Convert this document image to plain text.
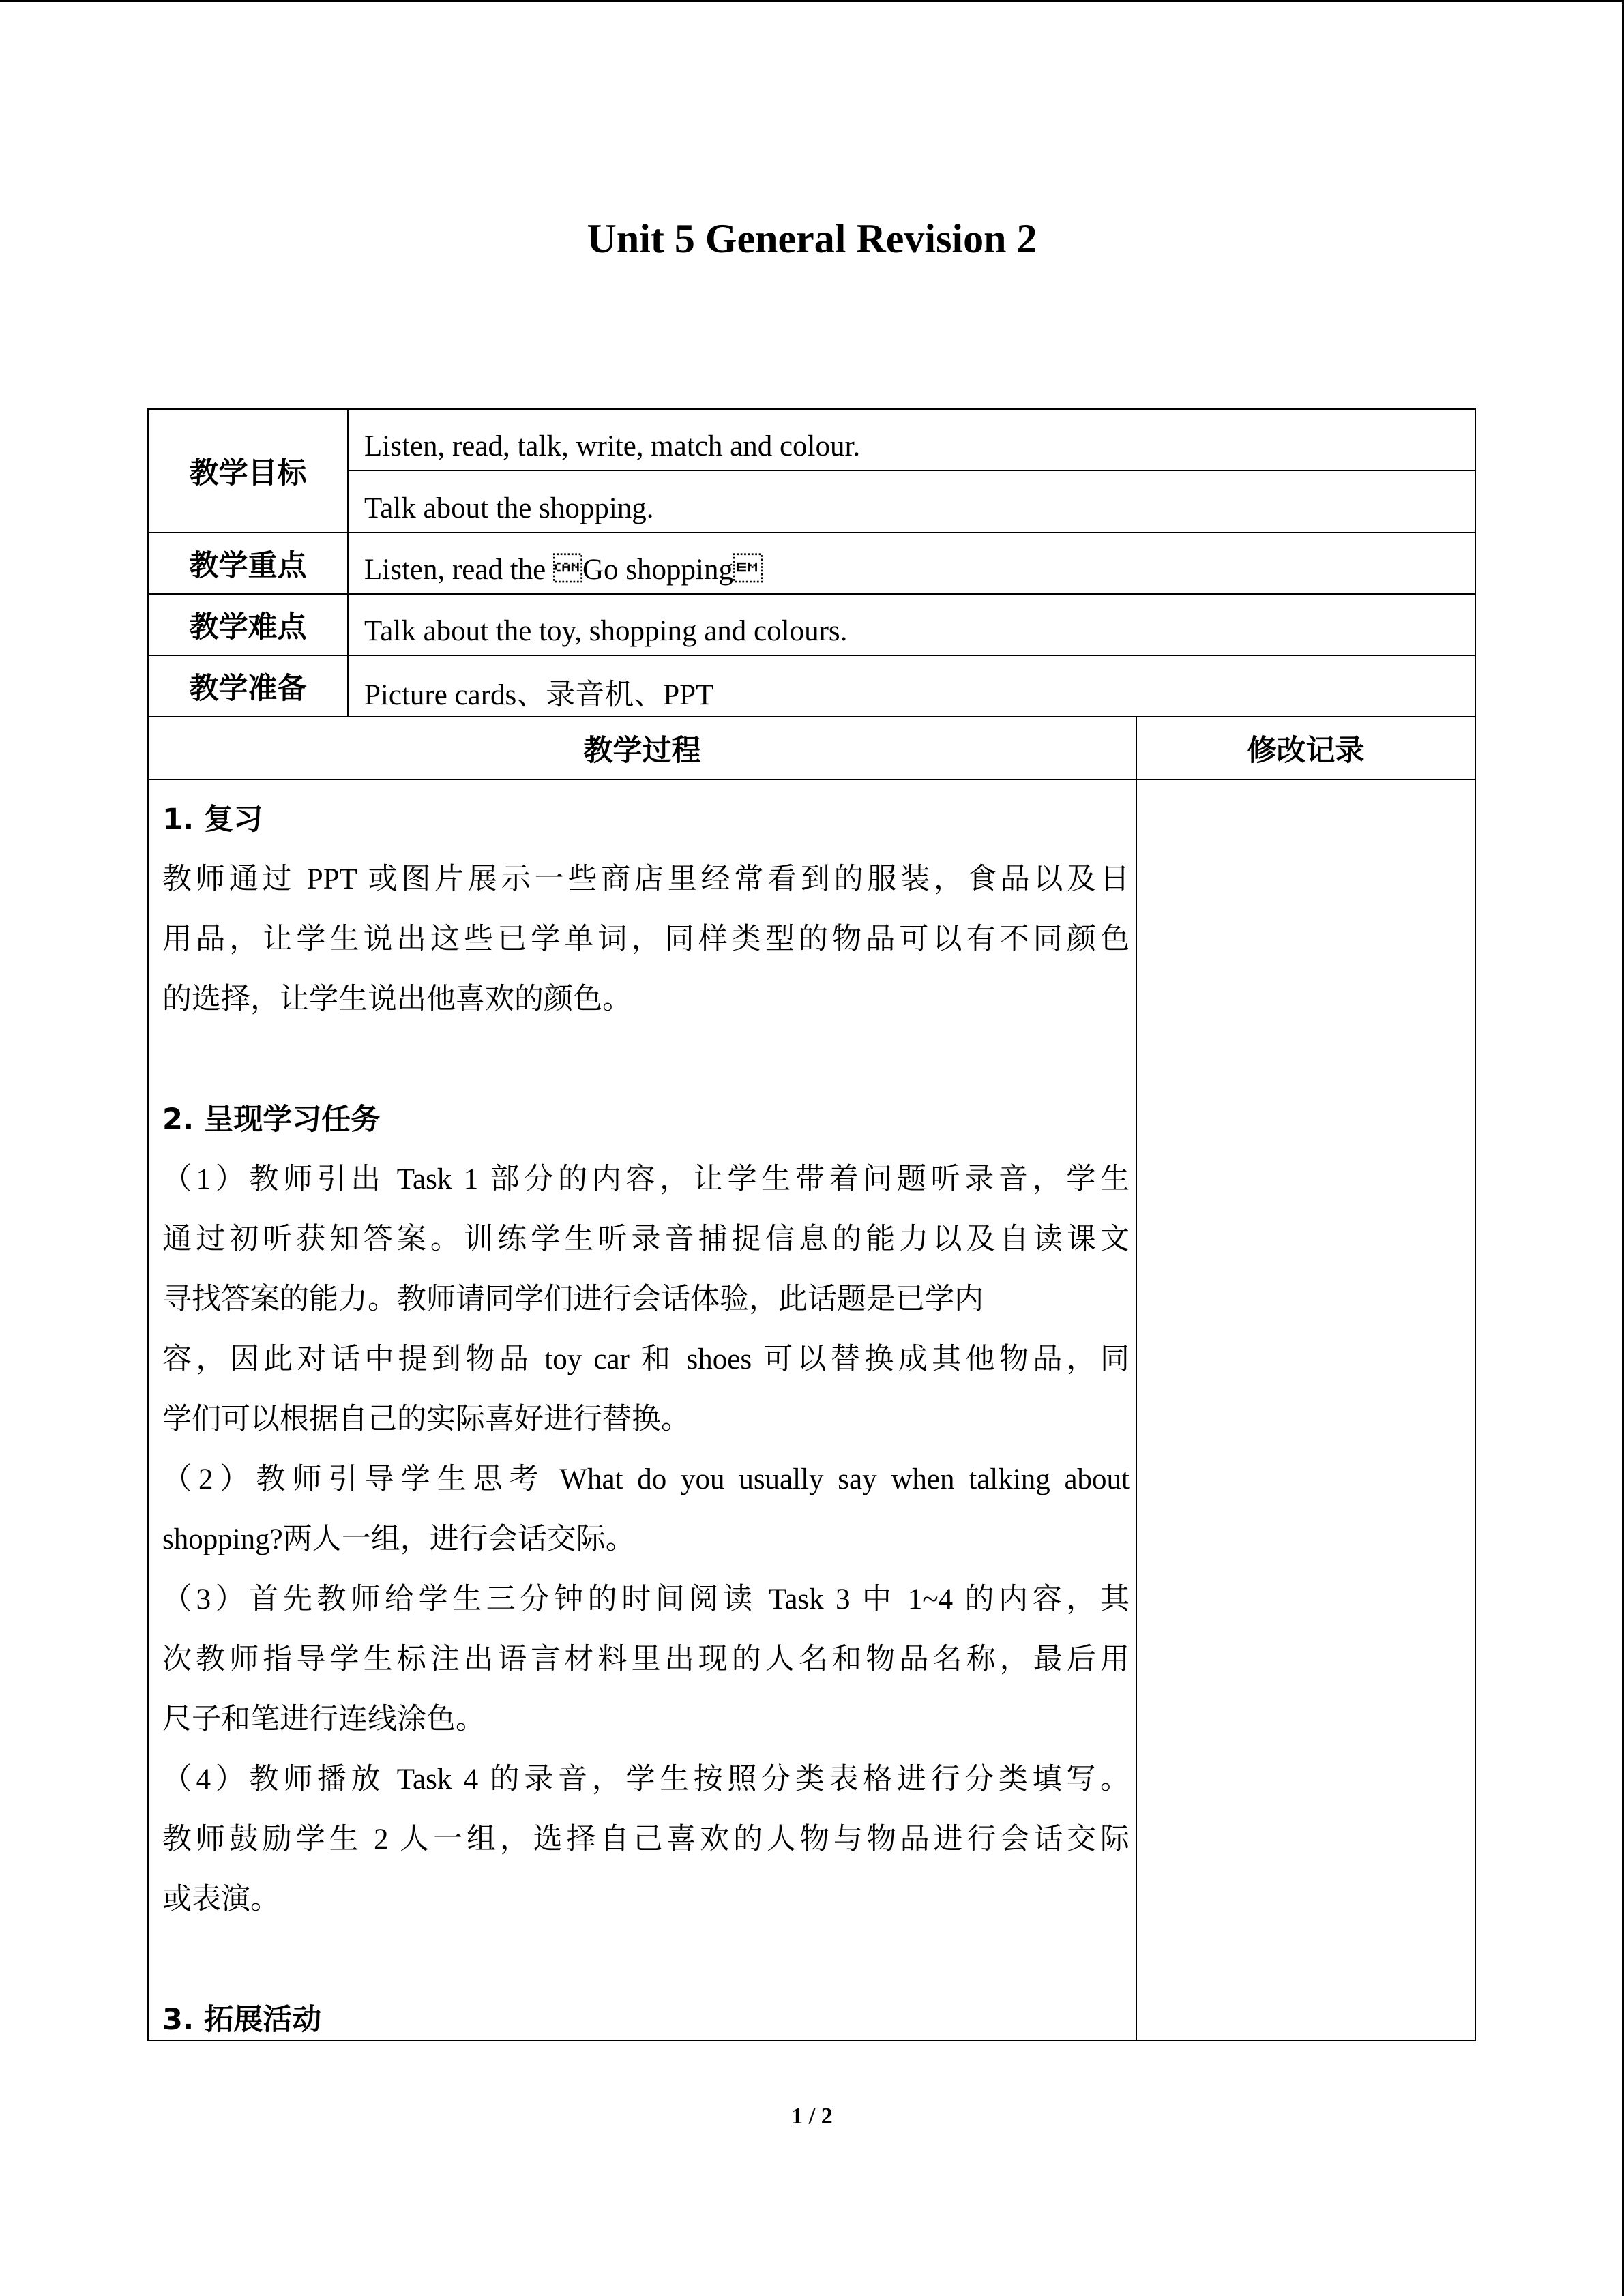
Unit 5 General Revision 2
教学目标
教学重点
教学难点
教学准备
Listen, read, talk, write, match and colour.
Talk about the shopping.
Listen, read the Go shopping
Talk about the toy, shopping and colours.
Picture cards、录音机、PPT
教学过程	修改记录
1. 复习
教师通过 PPT 或图片展示一些商店里经常看到的服装，食品以及日
用品，让学生说出这些已学单词，同样类型的物品可以有不同颜色
的选择，让学生说出他喜欢的颜色。
2. 呈现学习任务
（1）教师引出 Task 1 部分的内容，让学生带着问题听录音，学生
通过初听获知答案。训练学生听录音捕捉信息的能力以及自读课文
寻找答案的能力。教师请同学们进行会话体验，此话题是已学内
容，因此对话中提到物品 toy car 和 shoes 可以替换成其他物品，同
学们可以根据自己的实际喜好进行替换。
（2）教师引导学生思考 What do you usually say when talking about
shopping?两人一组，进行会话交际。
（3）首先教师给学生三分钟的时间阅读 Task 3 中 1~4 的内容，其
次教师指导学生标注出语言材料里出现的人名和物品名称，最后用
尺子和笔进行连线涂色。
（4）教师播放 Task 4 的录音，学生按照分类表格进行分类填写。
教师鼓励学生 2 人一组，选择自己喜欢的人物与物品进行会话交际
或表演。
3. 拓展活动
1 / 2
